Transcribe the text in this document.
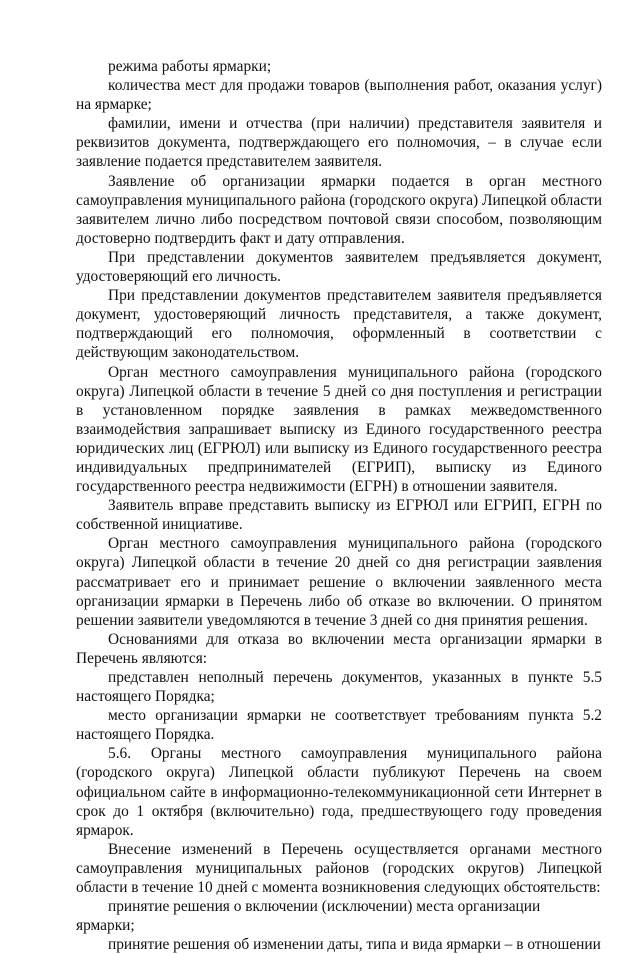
режима работы ярмарки;

количества мест для продажи товаров (выполнения работ, оказания услуг) на ярмарке;

фамилии, имени и отчества (при наличии) представителя заявителя и реквизитов документа, подтверждающего его полномочия, – в случае если заявление подается представителем заявителя.

Заявление об организации ярмарки подается в орган местного самоуправления муниципального района (городского округа) Липецкой области заявителем лично либо посредством почтовой связи способом, позволяющим достоверно подтвердить факт и дату отправления.

При представлении документов заявителем предъявляется документ, удостоверяющий его личность.

При представлении документов представителем заявителя предъявляется документ, удостоверяющий личность представителя, а также документ, подтверждающий его полномочия, оформленный в соответствии с действующим законодательством.

Орган местного самоуправления муниципального района (городского округа) Липецкой области в течение 5 дней со дня поступления и регистрации в установленном порядке заявления в рамках межведомственного взаимодействия запрашивает выписку из Единого государственного реестра юридических лиц (ЕГРЮЛ) или выписку из Единого государственного реестра индивидуальных предпринимателей (ЕГРИП), выписку из Единого государственного реестра недвижимости (ЕГРН) в отношении заявителя.

Заявитель вправе представить выписку из ЕГРЮЛ или ЕГРИП, ЕГРН по собственной инициативе.

Орган местного самоуправления муниципального района (городского округа) Липецкой области в течение 20 дней со дня регистрации заявления рассматривает его и принимает решение о включении заявленного места организации ярмарки в Перечень либо об отказе во включении. О принятом решении заявители уведомляются в течение 3 дней со дня принятия решения.

Основаниями для отказа во включении места организации ярмарки в Перечень являются:

представлен неполный перечень документов, указанных в пункте 5.5 настоящего Порядка;

место организации ярмарки не соответствует требованиям пункта 5.2 настоящего Порядка.

5.6. Органы местного самоуправления муниципального района (городского округа) Липецкой области публикуют Перечень на своем официальном сайте в информационно-телекоммуникационной сети Интернет в срок до 1 октября (включительно) года, предшествующего году проведения ярмарок.

Внесение изменений в Перечень осуществляется органами местного самоуправления муниципальных районов (городских округов) Липецкой области в течение 10 дней с момента возникновения следующих обстоятельств:

принятие решения о включении (исключении) места организации ярмарки;

принятие решения об изменении даты, типа и вида ярмарки – в отношении
